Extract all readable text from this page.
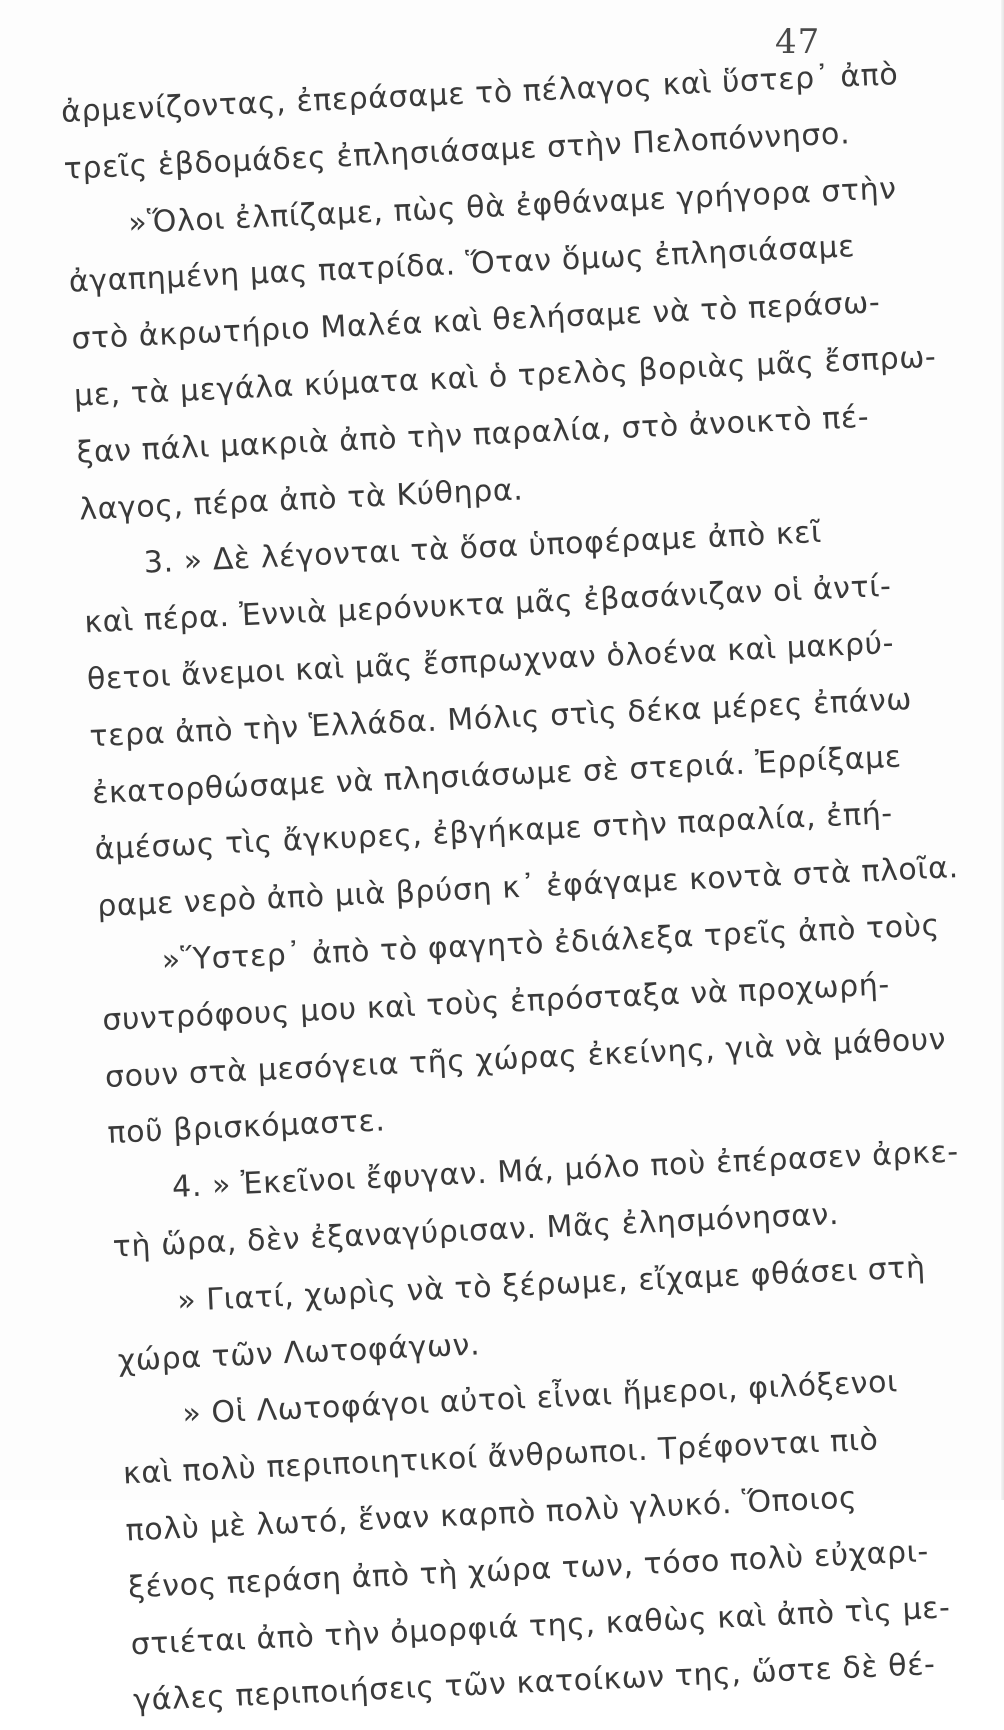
47
ἀρμενίζοντας, ἐπεράσαμε τὸ πέλαγος καὶ ὕστερ᾿ ἀπὸ
τρεῖς ἑβδομάδες ἐπλησιάσαμε στὴν Πελοπόννησο.
»Ὅλοι ἐλπίζαμε, πὼς θὰ ἐφθάναμε γρήγορα στὴν
ἀγαπημένη μας πατρίδα. Ὅταν ὅμως ἐπλησιάσαμε
στὸ ἀκρωτήριο Μαλέα καὶ θελήσαμε νὰ τὸ περάσω-
με, τὰ μεγάλα κύματα καὶ ὁ τρελὸς βοριὰς μᾶς ἔσπρω-
ξαν πάλι μακριὰ ἀπὸ τὴν παραλία, στὸ ἀνοικτὸ πέ-
λαγος, πέρα ἀπὸ τὰ Κύθηρα.
3. » Δὲ λέγονται τὰ ὅσα ὑποφέραμε ἀπὸ κεῖ
καὶ πέρα. Ἐννιὰ μερόνυκτα μᾶς ἐβασάνιζαν οἱ ἀντί-
θετοι ἄνεμοι καὶ μᾶς ἔσπρωχναν ὁλοένα καὶ μακρύ-
τερα ἀπὸ τὴν Ἑλλάδα. Μόλις στὶς δέκα μέρες ἐπάνω
ἐκατορθώσαμε νὰ πλησιάσωμε σὲ στεριά. Ἐρρίξαμε
ἀμέσως τὶς ἄγκυρες, ἐβγήκαμε στὴν παραλία, ἐπή-
ραμε νερὸ ἀπὸ μιὰ βρύση κ᾿ ἐφάγαμε κοντὰ στὰ πλοῖα.
»Ὕστερ᾿ ἀπὸ τὸ φαγητὸ ἐδιάλεξα τρεῖς ἀπὸ τοὺς
συντρόφους μου καὶ τοὺς ἐπρόσταξα νὰ προχωρή-
σουν στὰ μεσόγεια τῆς χώρας ἐκείνης, γιὰ νὰ μάθουν
ποῦ βρισκόμαστε.
4. » Ἐκεῖνοι ἔφυγαν. Μά, μόλο ποὺ ἐπέρασεν ἀρκε-
τὴ ὥρα, δὲν ἐξαναγύρισαν. Μᾶς ἐλησμόνησαν.
» Γιατί, χωρὶς νὰ τὸ ξέρωμε, εἴχαμε φθάσει στὴ
χώρα τῶν Λωτοφάγων.
» Οἱ Λωτοφάγοι αὐτοὶ εἶναι ἥμεροι, φιλόξενοι
καὶ πολὺ περιποιητικοί ἄνθρωποι. Τρέφονται πιὸ
πολὺ μὲ λωτό, ἕναν καρπὸ πολὺ γλυκό. Ὅποιος
ξένος περάση ἀπὸ τὴ χώρα των, τόσο πολὺ εὐχαρι-
στιέται ἀπὸ τὴν ὀμορφιά της, καθὼς καὶ ἀπὸ τὶς με-
γάλες περιποιήσεις τῶν κατοίκων της, ὥστε δὲ θέ-
